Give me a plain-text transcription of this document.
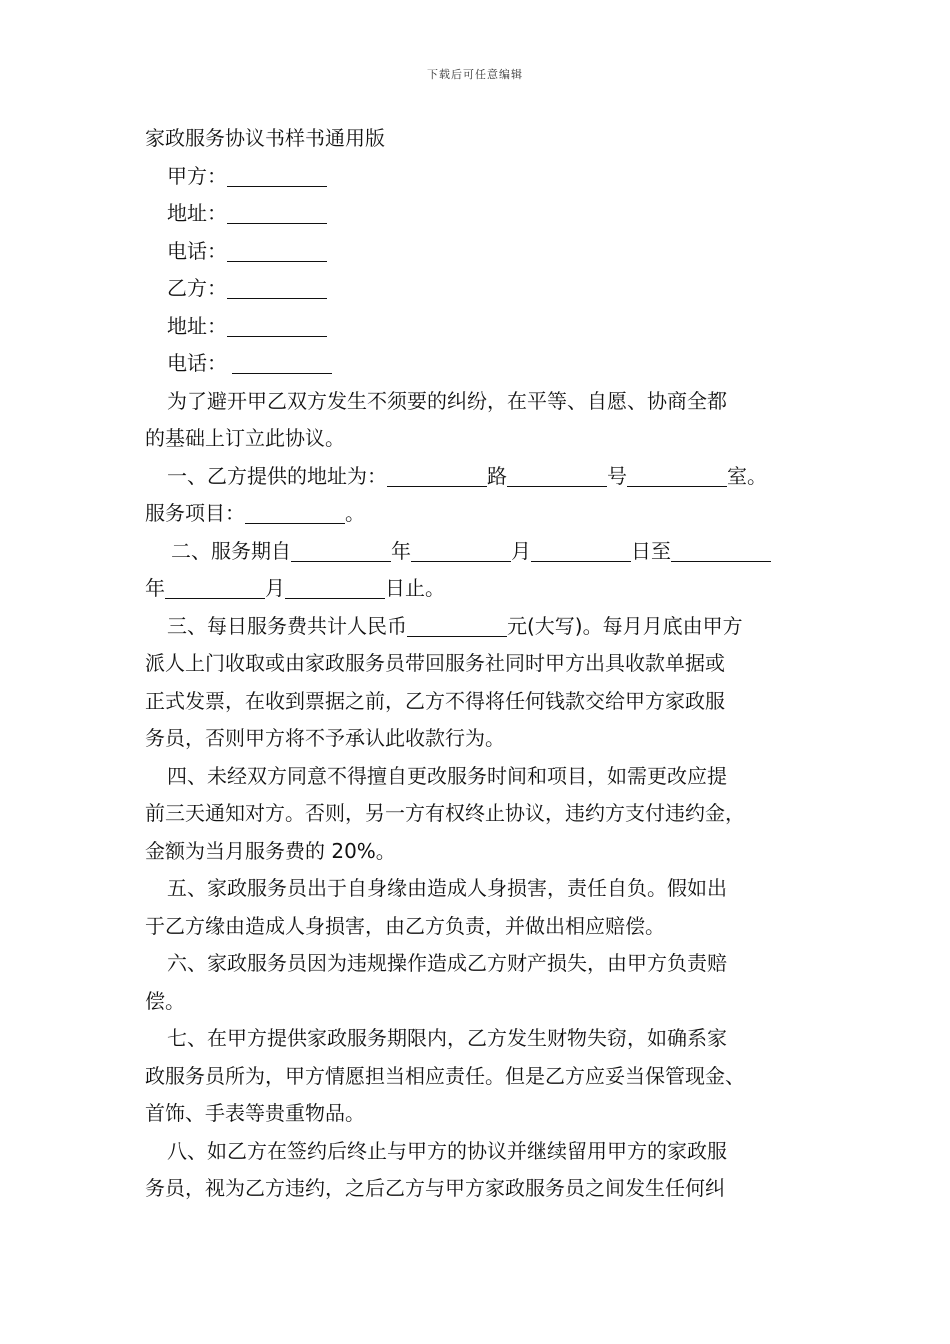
下载后可任意编辑
家政服务协议书样书通用版
甲方：
地址：
电话：
乙方：
地址：
电话：
为了避开甲乙双方发生不须要的纠纷，在平等、自愿、协商全都
的基础上订立此协议。
一、乙方提供的地址为：	路	号	室。
服务项目：	。
二、服务期自	年	月	日至
年	月	日止。
三、每日服务费共计人民币	元(大写)。每月月底由甲方
派人上门收取或由家政服务员带回服务社同时甲方出具收款单据或
正式发票，在收到票据之前，乙方不得将任何钱款交给甲方家政服
务员，否则甲方将不予承认此收款行为。
四、未经双方同意不得擅自更改服务时间和项目，如需更改应提
前三天通知对方。否则，另一方有权终止协议，违约方支付违约金，
金额为当月服务费的 20%。
五、家政服务员出于自身缘由造成人身损害，责任自负。假如出
于乙方缘由造成人身损害，由乙方负责，并做出相应赔偿。
六、家政服务员因为违规操作造成乙方财产损失，由甲方负责赔
偿。
七、在甲方提供家政服务期限内，乙方发生财物失窃，如确系家
政服务员所为，甲方情愿担当相应责任。但是乙方应妥当保管现金、
首饰、手表等贵重物品。
八、如乙方在签约后终止与甲方的协议并继续留用甲方的家政服
务员，视为乙方违约，之后乙方与甲方家政服务员之间发生任何纠
